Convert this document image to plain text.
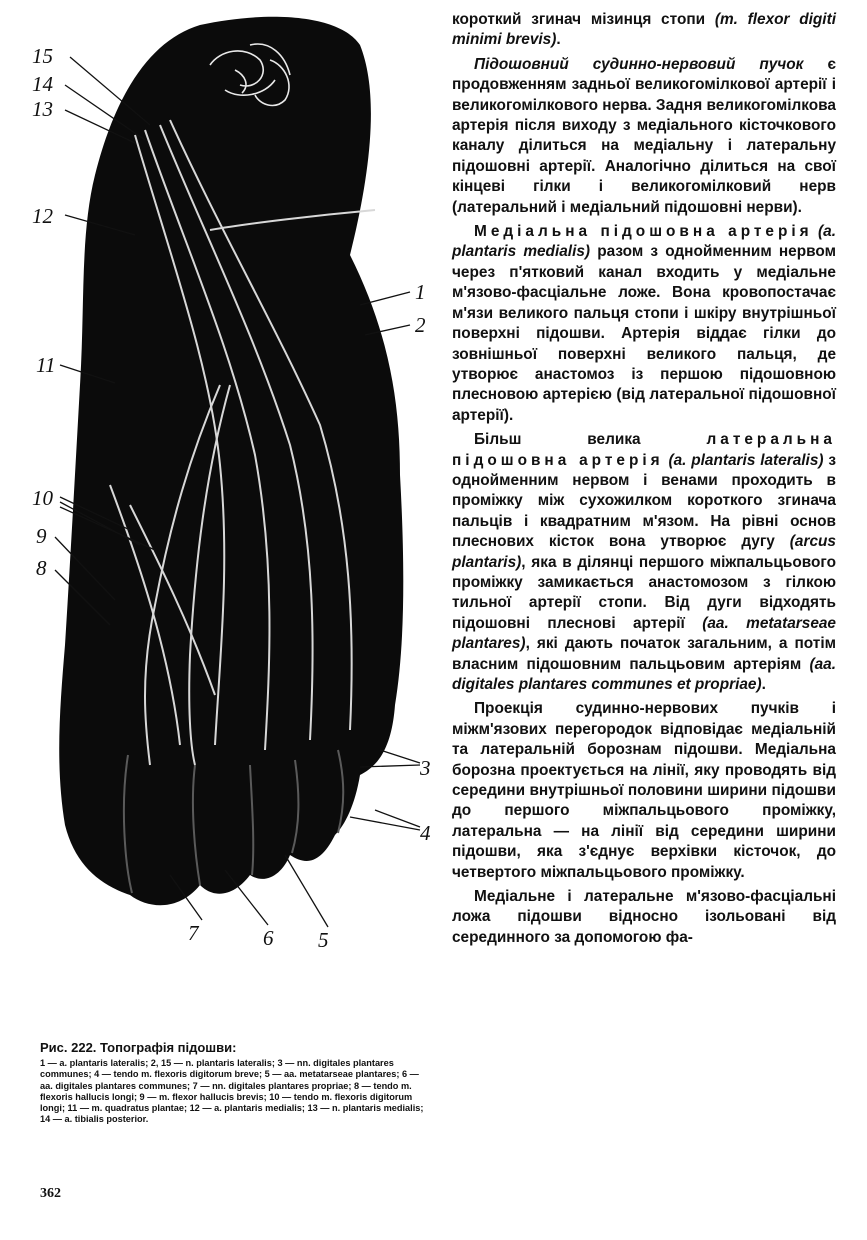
15
14
13
12
1
2
11
10
9
8
3
4
7	6 5

Рис. 222. Топографія підошви:

1 — a. plantaris lateralis; 2, 15 — n. plantaris lateralis; 3 — nn. digitales plantares communes; 4 — tendo m. flexoris digitorum breve; 5 — aa. metatarseae plantares; 6 — aa. digitales plantares communes; 7 — nn. digitales plantares propriae; 8 — tendo m. flexoris hallucis longi; 9 — m. flexor hallucis brevis; 10 — tendo m. flexoris digitorum longi; 11 — m. quadratus plantae; 12 — a. plantaris medialis; 13 — n. plantaris medialis; 14 — a. tibialis posterior.

362

короткий згинач мізинця стопи (m. flexor digiti minimi brevis).

Підошовний судинно-нервовий пучок є продовженням задньої великогомілкової артерії і великогомілкового нерва. Задня великогомілкова артерія після виходу з медіального кісточкового каналу ділиться на медіальну і латеральну підошовні артерії. Аналогічно ділиться на свої кінцеві гілки і великогомілковий нерв (латеральний і медіальний підошовні нерви).

Медіальна підошовна артерія (a. plantaris medialis) разом з однойменним нервом через п'ятковий канал входить у медіальне м'язово-фасціальне ложе. Вона кровопостачає м'язи великого пальця стопи і шкіру внутрішньої поверхні підошви. Артерія віддає гілки до зовнішньої поверхні великого пальця, де утворює анастомоз із першою підошовною плесновою артерією (від латеральної підошовної артерії).

Більш велика латеральна підошовна артерія (a. plantaris lateralis) з однойменним нервом і венами проходить в проміжку між сухожилком короткого згинача пальців і квадратним м'язом. На рівні основ плеснових кісток вона утворює дугу (arcus plantaris), яка в ділянці першого міжпальцьового проміжку замикається анастомозом з гілкою тильної артерії стопи. Від дуги відходять підошовні плеснові артерії (aa. metatarseae plantares), які дають початок загальним, а потім власним підошовним пальцьовим артеріям (aa. digitales plantares communes et propriae).

Проекція судинно-нервових пучків і міжм'язових перегородок відповідає медіальній та латеральній борознам підошви. Медіальна борозна проектується на лінії, яку проводять від середини внутрішньої половини ширини підошви до першого міжпальцьового проміжку, латеральна — на лінії від середини ширини підошви, яка з'єднує верхівки кісточок, до четвертого міжпальцьового проміжку.

Медіальне і латеральне м'язово-фасціальні ложа підошви відносно ізольовані від серединного за допомогою фа-
